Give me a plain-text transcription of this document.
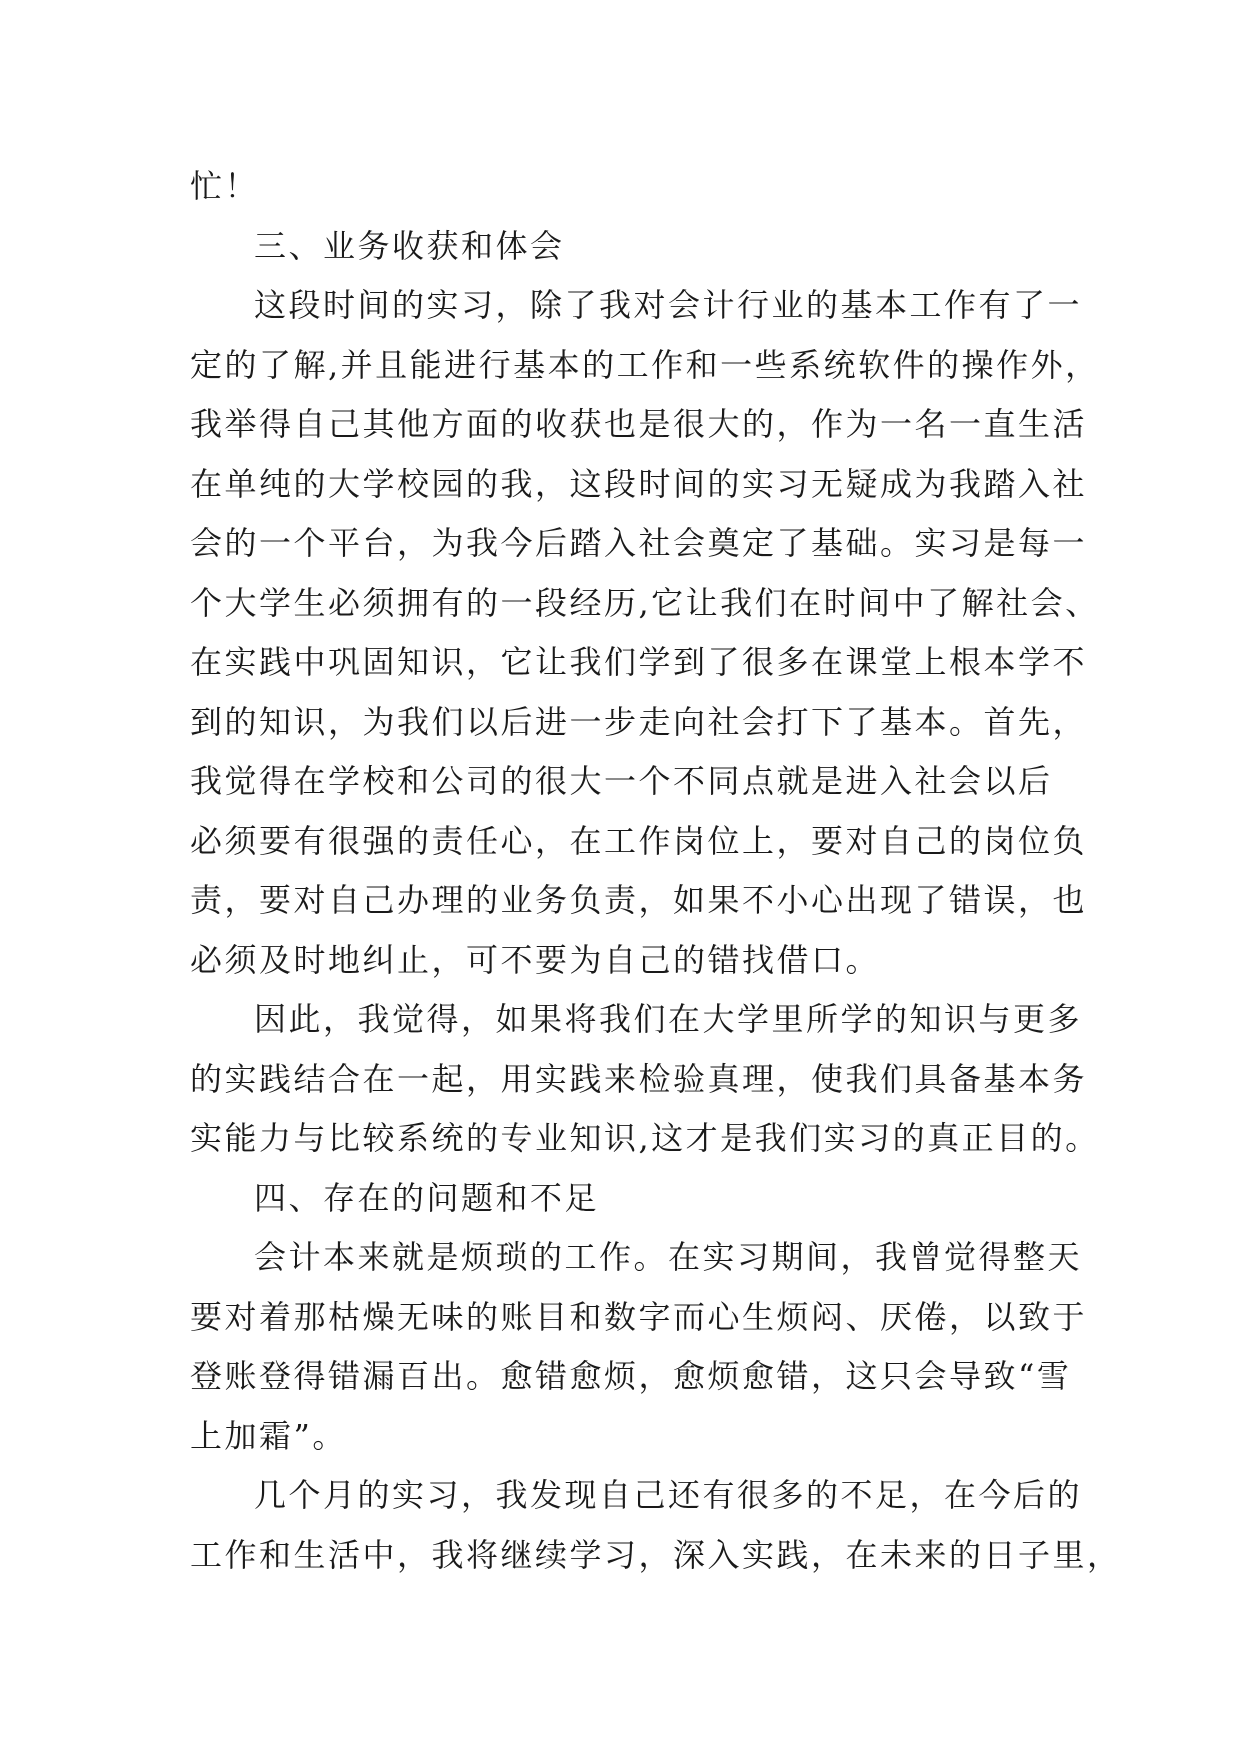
忙！
三、业务收获和体会
这段时间的实习，除了我对会计行业的基本工作有了一
定的了解,并且能进行基本的工作和一些系统软件的操作外，
我举得自己其他方面的收获也是很大的，作为一名一直生活
在单纯的大学校园的我，这段时间的实习无疑成为我踏入社
会的一个平台，为我今后踏入社会奠定了基础。实习是每一
个大学生必须拥有的一段经历,它让我们在时间中了解社会、
在实践中巩固知识，它让我们学到了很多在课堂上根本学不
到的知识，为我们以后进一步走向社会打下了基本。首先，
我觉得在学校和公司的很大一个不同点就是进入社会以后
必须要有很强的责任心，在工作岗位上，要对自己的岗位负
责，要对自己办理的业务负责，如果不小心出现了错误，也
必须及时地纠止，可不要为自己的错找借口。
因此，我觉得，如果将我们在大学里所学的知识与更多
的实践结合在一起，用实践来检验真理，使我们具备基本务
实能力与比较系统的专业知识,这才是我们实习的真正目的。
四、存在的问题和不足
会计本来就是烦琐的工作。在实习期间，我曾觉得整天
要对着那枯燥无味的账目和数字而心生烦闷、厌倦，以致于
登账登得错漏百出。愈错愈烦，愈烦愈错，这只会导致“雪
上加霜”。
几个月的实习，我发现自己还有很多的不足，在今后的
工作和生活中，我将继续学习，深入实践，在未来的日子里，
